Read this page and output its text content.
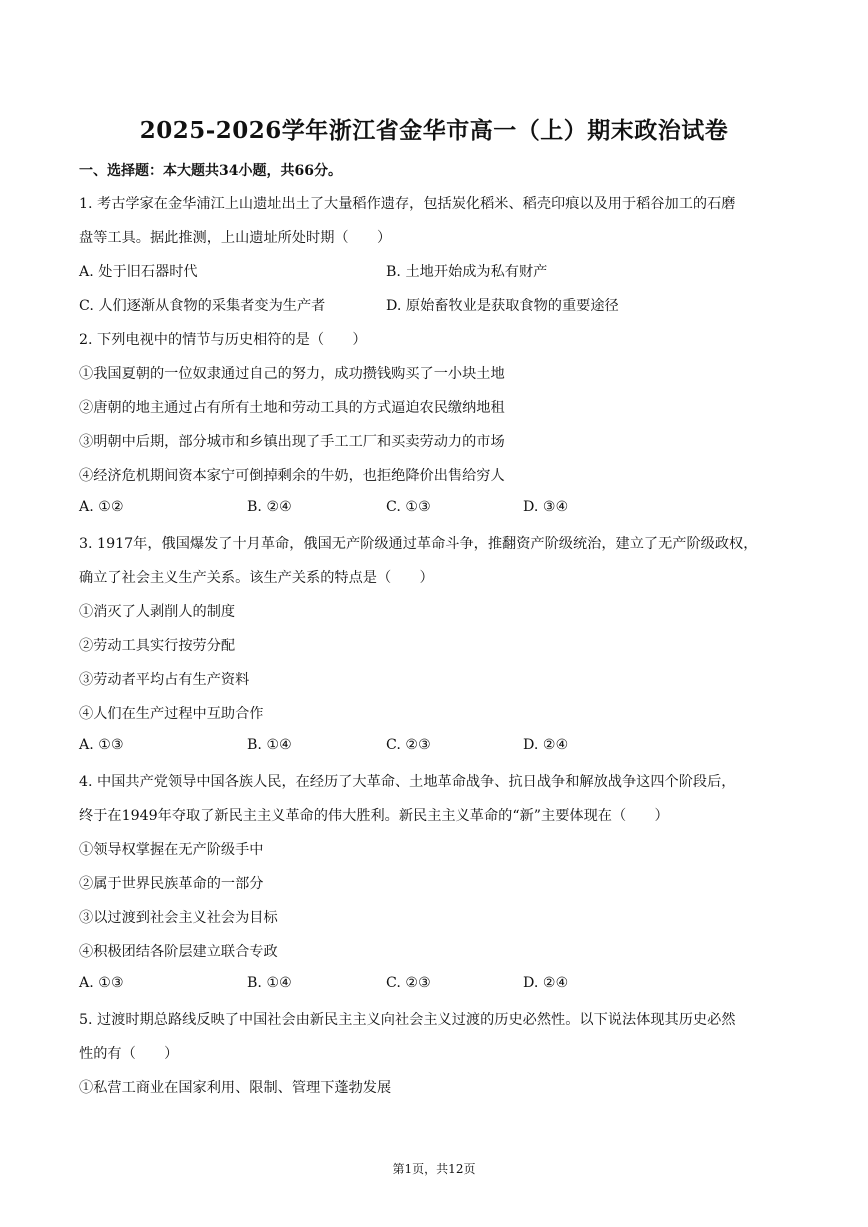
2025-2026学年浙江省金华市高一（上）期末政治试卷
一、选择题：本大题共34小题，共66分。
1. 考古学家在金华浦江上山遗址出土了大量稻作遗存，包括炭化稻米、稻壳印痕以及用于稻谷加工的石磨
盘等工具。据此推测，上山遗址所处时期（　　）
A. 处于旧石器时代	B. 土地开始成为私有财产
C. 人们逐渐从食物的采集者变为生产者	D. 原始畜牧业是获取食物的重要途径
2. 下列电视中的情节与历史相符的是（　　）
①我国夏朝的一位奴隶通过自己的努力，成功攒钱购买了一小块土地
②唐朝的地主通过占有所有土地和劳动工具的方式逼迫农民缴纳地租
③明朝中后期，部分城市和乡镇出现了手工工厂和买卖劳动力的市场
④经济危机期间资本家宁可倒掉剩余的牛奶，也拒绝降价出售给穷人
A. ①②	B. ②④	C. ①③	D. ③④
3. 1917年，俄国爆发了十月革命，俄国无产阶级通过革命斗争，推翻资产阶级统治，建立了无产阶级政权，
确立了社会主义生产关系。该生产关系的特点是（　　）
①消灭了人剥削人的制度
②劳动工具实行按劳分配
③劳动者平均占有生产资料
④人们在生产过程中互助合作
A. ①③	B. ①④	C. ②③	D. ②④
4. 中国共产党领导中国各族人民，在经历了大革命、土地革命战争、抗日战争和解放战争这四个阶段后，
终于在1949年夺取了新民主主义革命的伟大胜利。新民主主义革命的“新”主要体现在（　　）
①领导权掌握在无产阶级手中
②属于世界民族革命的一部分
③以过渡到社会主义社会为目标
④积极团结各阶层建立联合专政
A. ①③	B. ①④	C. ②③	D. ②④
5. 过渡时期总路线反映了中国社会由新民主主义向社会主义过渡的历史必然性。以下说法体现其历史必然
性的有（　　）
①私营工商业在国家利用、限制、管理下蓬勃发展
第1页，共12页
